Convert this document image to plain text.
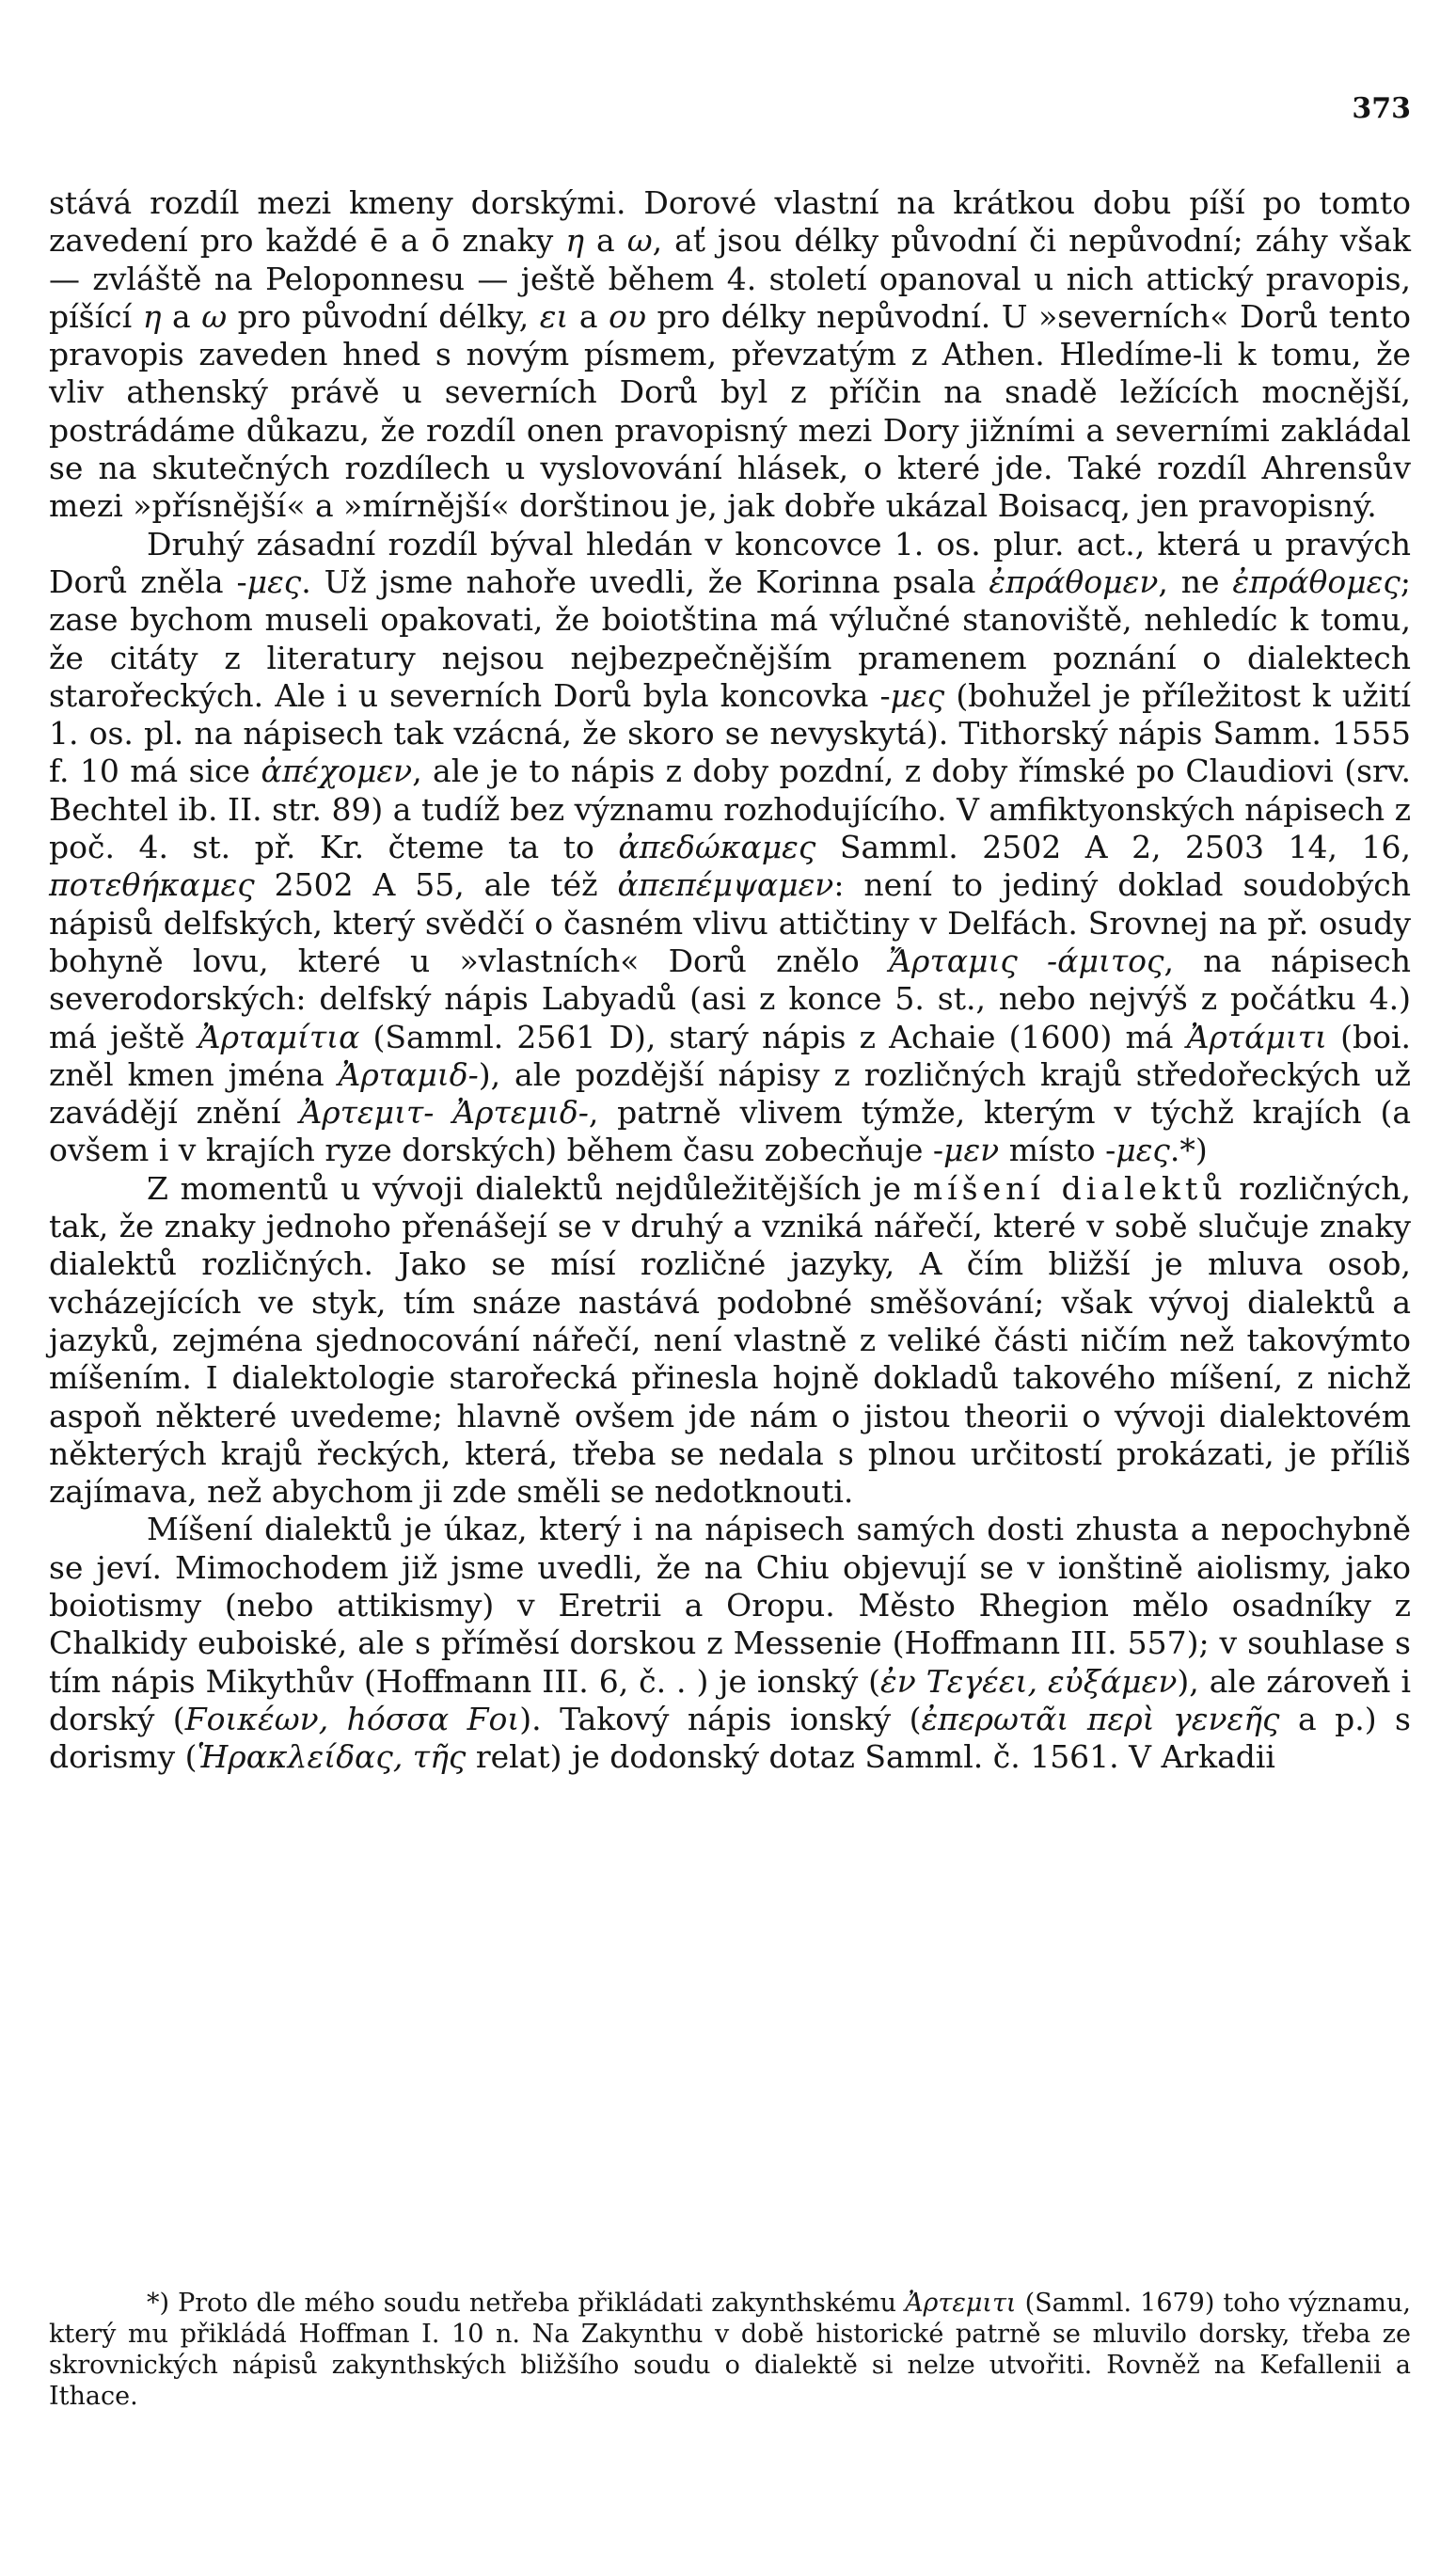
373

stává rozdíl mezi kmeny dorskými. Dorové vlastní na krátkou dobu píší po tomto zavedení pro každé ē a ō znaky η a ω, ať jsou délky původní či nepůvodní; záhy však — zvláště na Peloponnesu — ještě během 4. století opanoval u nich attický pravopis, píšící η a ω pro původní délky, ει a ου pro délky nepůvodní. U »severních« Dorů tento pravopis zaveden hned s novým písmem, převzatým z Athen. Hledíme-li k tomu, že vliv athenský právě u severních Dorů byl z příčin na snadě ležících mocnější, postrádáme důkazu, že rozdíl onen pravopisný mezi Dory jižními a severními zakládal se na skutečných rozdílech u vyslovování hlásek, o které jde. Také rozdíl Ahrensův mezi »přísnější« a »mírnější« dorštinou je, jak dobře ukázal Boisacq, jen pravopisný.

Druhý zásadní rozdíl býval hledán v koncovce 1. os. plur. act., která u pravých Dorů zněla -μες. Už jsme nahoře uvedli, že Korinna psala ἐπράθομεν, ne ἐπράθομες; zase bychom museli opakovati, že boiotština má výlučné stanoviště, nehledíc k tomu, že citáty z literatury nejsou nejbezpečnějším pramenem poznání o dialektech starořeckých. Ale i u severních Dorů byla koncovka -μες (bohužel je příležitost k užití 1. os. pl. na nápisech tak vzácná, že skoro se nevyskytá). Tithorský nápis Samm. 1555 f. 10 má sice ἀπέχομεν, ale je to nápis z doby pozdní, z doby římské po Claudiovi (srv. Bechtel ib. II. str. 89) a tudíž bez významu rozhodujícího. V amfiktyonských nápisech z poč. 4. st. př. Kr. čteme ta to ἀπεδώκαμες Samml. 2502 A 2, 2503 14, 16, ποτεθήκαμες 2502 A 55, ale též ἀπεπέμψαμεν: není to jediný doklad soudobých nápisů delfských, který svědčí o časném vlivu attičtiny v Delfách. Srovnej na př. osudy bohyně lovu, které u »vlastních« Dorů znělo Ἄρταμις -άμιτος, na nápisech severodorských: delfský nápis Labyadů (asi z konce 5. st., nebo nejvýš z počátku 4.) má ještě Ἀρταμίτια (Samml. 2561 D), starý nápis z Achaie (1600) má Ἀρτάμιτι (boi. zněl kmen jména Ἀρταμιδ-), ale pozdější nápisy z rozličných krajů středořeckých už zavádějí znění Ἀρτεμιτ- Ἀρτεμιδ-, patrně vlivem týmže, kterým v týchž krajích (a ovšem i v krajích ryze dorských) během času zobecňuje -μεν místo -μες.*)

Z momentů u vývoji dialektů nejdůležitějších je míšení dialektů rozličných, tak, že znaky jednoho přenášejí se v druhý a vzniká nářečí, které v sobě slučuje znaky dialektů rozličných. Jako se mísí rozličné jazyky, A čím bližší je mluva osob, vcházejících ve styk, tím snáze nastává podobné směšování; však vývoj dialektů a jazyků, zejména sjednocování nářečí, není vlastně z veliké části ničím než takovýmto míšením. I dialektologie starořecká přinesla hojně dokladů takového míšení, z nichž aspoň některé uvedeme; hlavně ovšem jde nám o jistou theorii o vývoji dialektovém některých krajů řeckých, která, třeba se nedala s plnou určitostí prokázati, je příliš zajímava, než abychom ji zde směli se nedotknouti.

Míšení dialektů je úkaz, který i na nápisech samých dosti zhusta a nepochybně se jeví. Mimochodem již jsme uvedli, že na Chiu objevují se v ionštině aiolismy, jako boiotismy (nebo attikismy) v Eretrii a Oropu. Město Rhegion mělo osadníky z Chalkidy euboiské, ale s příměsí dorskou z Messenie (Hoffmann III. 557); v souhlase s tím nápis Mikythův (Hoffmann III. 6, č. . ) je ionský (ἐν Τεγέει, εὐξάμεν), ale zároveň i dorský (Ϝοικέων, hόσσα Ϝοι). Takový nápis ionský (ἐπερωτᾶι περὶ γενεῆς a p.) s dorismy (Ἡρακλείδας, τῆς relat) je dodonský dotaz Samml. č. 1561. V Arkadii

*) Proto dle mého soudu netřeba přikládati zakynthskému Ἀρτεμιτι (Samml. 1679) toho významu, který mu přikládá Hoffman I. 10 n. Na Zakynthu v době historické patrně se mluvilo dorsky, třeba ze skrovnických nápisů zakynthských bližšího soudu o dialektě si nelze utvořiti. Rovněž na Kefallenii a Ithace.
